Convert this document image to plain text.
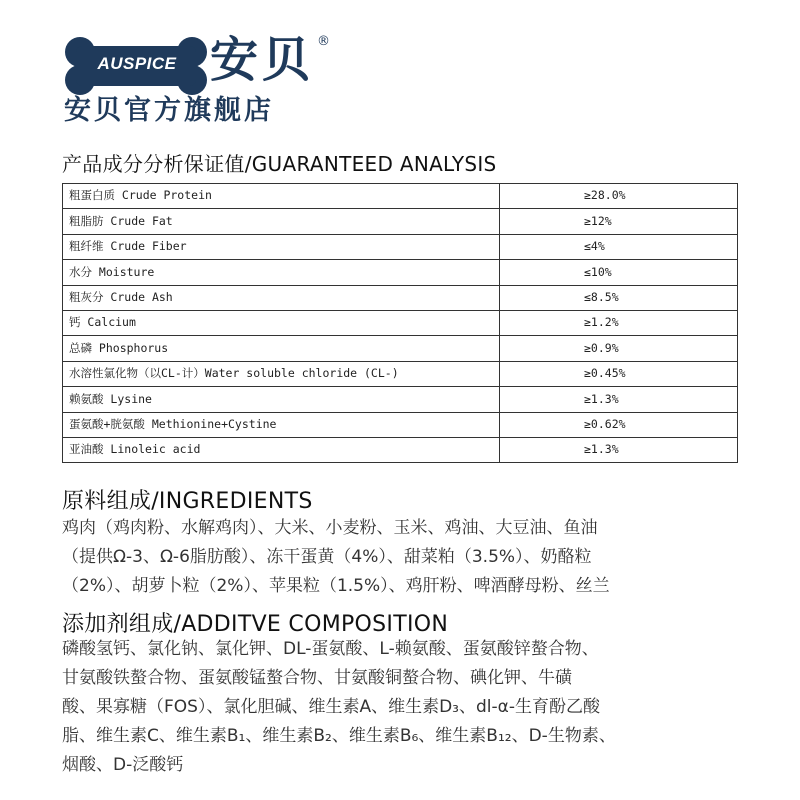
AUSPICE 安贝 ®
安贝官方旗舰店
产品成分分析保证值/GUARANTEED ANALYSIS
粗蛋白质 Crude Protein	≥28.0%
粗脂肪 Crude Fat	≥12%
粗纤维 Crude Fiber	≤4%
水分 Moisture	≤10%
粗灰分 Crude Ash	≤8.5%
钙 Calcium	≥1.2%
总磷 Phosphorus	≥0.9%
水溶性氯化物（以CL-计）Water soluble chloride (CL-)	≥0.45%
赖氨酸 Lysine	≥1.3%
蛋氨酸+胱氨酸 Methionine+Cystine	≥0.62%
亚油酸 Linoleic acid	≥1.3%
原料组成/INGREDIENTS
鸡肉（鸡肉粉、水解鸡肉）、大米、小麦粉、玉米、鸡油、大豆油、鱼油
（提供Ω-3、Ω-6脂肪酸）、冻干蛋黄（4%）、甜菜粕（3.5%）、奶酪粒
（2%）、胡萝卜粒（2%）、苹果粒（1.5%）、鸡肝粉、啤酒酵母粉、丝兰
添加剂组成/ADDITVE COMPOSITION
磷酸氢钙、氯化钠、氯化钾、DL-蛋氨酸、L-赖氨酸、蛋氨酸锌螯合物、
甘氨酸铁螯合物、蛋氨酸锰螯合物、甘氨酸铜螯合物、碘化钾、牛磺
酸、果寡糖（FOS）、氯化胆碱、维生素A、维生素D₃、dl-α-生育酚乙酸
脂、维生素C、维生素B₁、维生素B₂、维生素B₆、维生素B₁₂、D-生物素、
烟酸、D-泛酸钙
